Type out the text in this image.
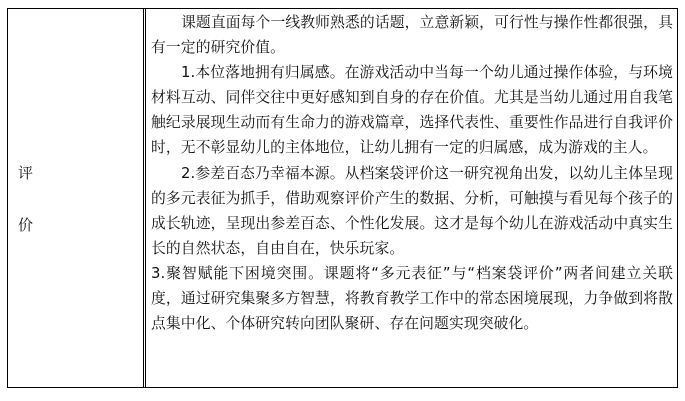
评
价

课题直面每个一线教师熟悉的话题，立意新颖，可行性与操作性都很强，具有一定的研究价值。

1.本位落地拥有归属感。在游戏活动中当每一个幼儿通过操作体验，与环境材料互动、同伴交往中更好感知到自身的存在价值。尤其是当幼儿通过用自我笔触纪录展现生动而有生命力的游戏篇章，选择代表性、重要性作品进行自我评价时，无不彰显幼儿的主体地位，让幼儿拥有一定的归属感，成为游戏的主人。

2.参差百态乃幸福本源。从档案袋评价这一研究视角出发，以幼儿主体呈现的多元表征为抓手，借助观察评价产生的数据、分析，可触摸与看见每个孩子的成长轨迹，呈现出参差百态、个性化发展。这才是每个幼儿在游戏活动中真实生长的自然状态，自由自在，快乐玩家。

3.聚智赋能下困境突围。课题将“多元表征”与“档案袋评价”两者间建立关联度，通过研究集聚多方智慧，将教育教学工作中的常态困境展现，力争做到将散点集中化、个体研究转向团队聚研、存在问题实现突破化。
